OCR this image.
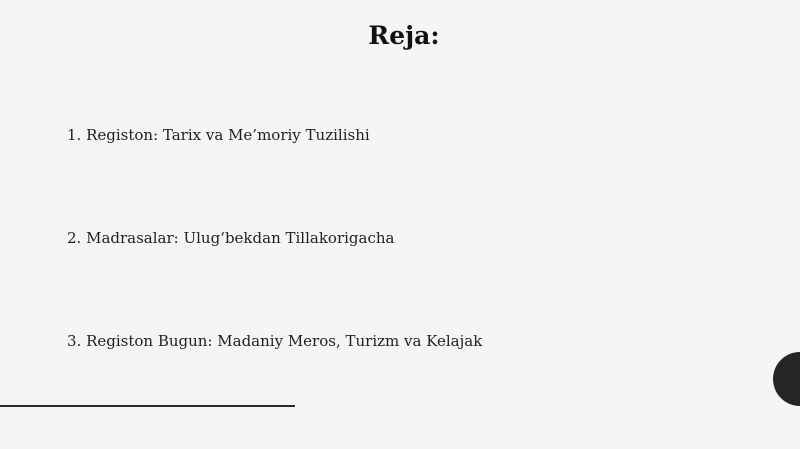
Reja:
1. Registon: Tarix va Me’moriy Tuzilishi
2. Madrasalar: Ulug‘bekdan Tillakorigacha
3. Registon Bugun: Madaniy Meros, Turizm va Kelajak
